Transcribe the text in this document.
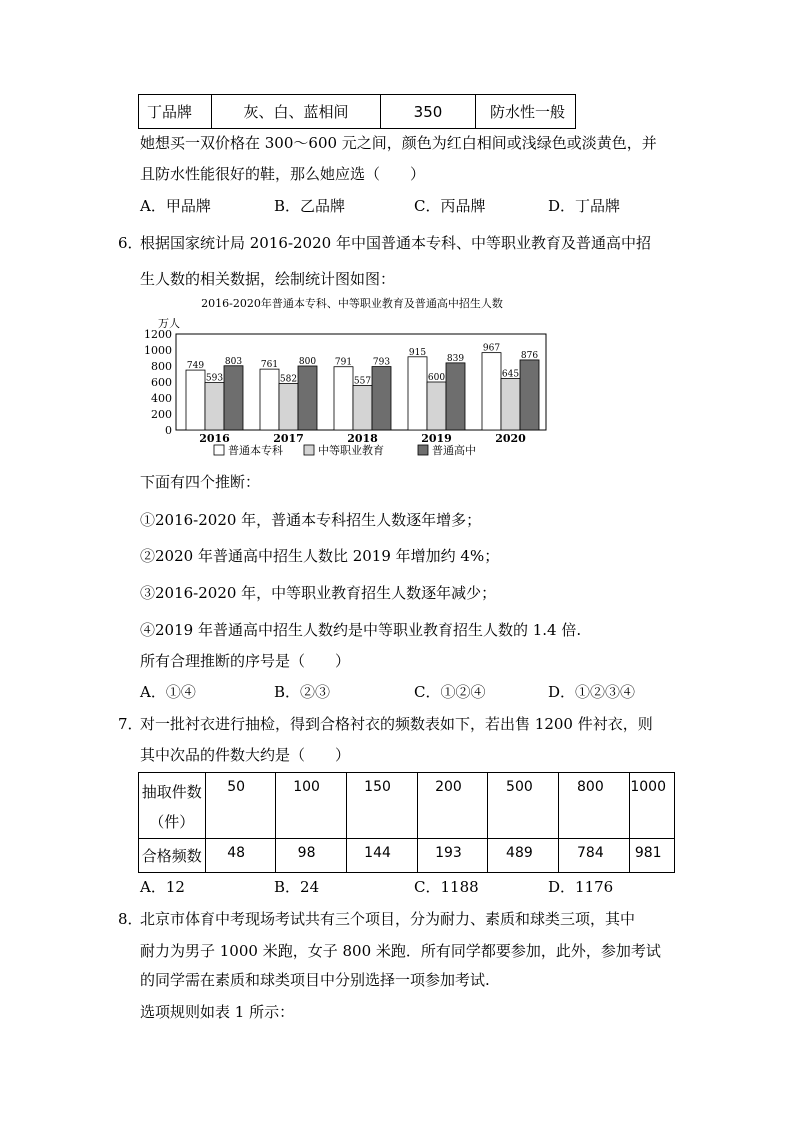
丁品牌	灰、白、蓝相间	350	防水性一般
她想买一双价格在 300～600 元之间，颜色为红白相间或浅绿色或淡黄色，并
且防水性能很好的鞋，那么她应选（　　）
A．甲品牌	B．乙品牌	C．丙品牌	D．丁品牌
6．
根据国家统计局 2016-2020 年中国普通本专科、中等职业教育及普通高中招
生人数的相关数据，绘制统计图如图：
2016-2020年普通本专科、中等职业教育及普通高中招生人数
万人
0
200
400
600
800
1000
1200
749
593
803 761
582
800 791
557
793
915
600
839
967
645
876
2016	2017	2018	2019	2020
普通本专科	中等职业教育	普通高中
下面有四个推断：
①2016-2020 年，普通本专科招生人数逐年增多；
②2020 年普通高中招生人数比 2019 年增加约 4%；
③2016-2020 年，中等职业教育招生人数逐年减少；
④2019 年普通高中招生人数约是中等职业教育招生人数的 1.4 倍.
所有合理推断的序号是（　　）
A．①④	B．②③	C．①②④	D．①②③④
7．
对一批衬衣进行抽检，得到合格衬衣的频数表如下，若出售 1200 件衬衣，则
其中次品的件数大约是（　　）
抽取件数
（件）	50	100	150	200	500	800	1000
合格频数	48	98	144	193	489	784	981
A．12	B．24	C．1188	D．1176
8．
北京市体育中考现场考试共有三个项目，分为耐力、素质和球类三项，其中
耐力为男子 1000 米跑，女子 800 米跑．所有同学都要参加，此外，参加考试
的同学需在素质和球类项目中分别选择一项参加考试.
选项规则如表 1 所示：
